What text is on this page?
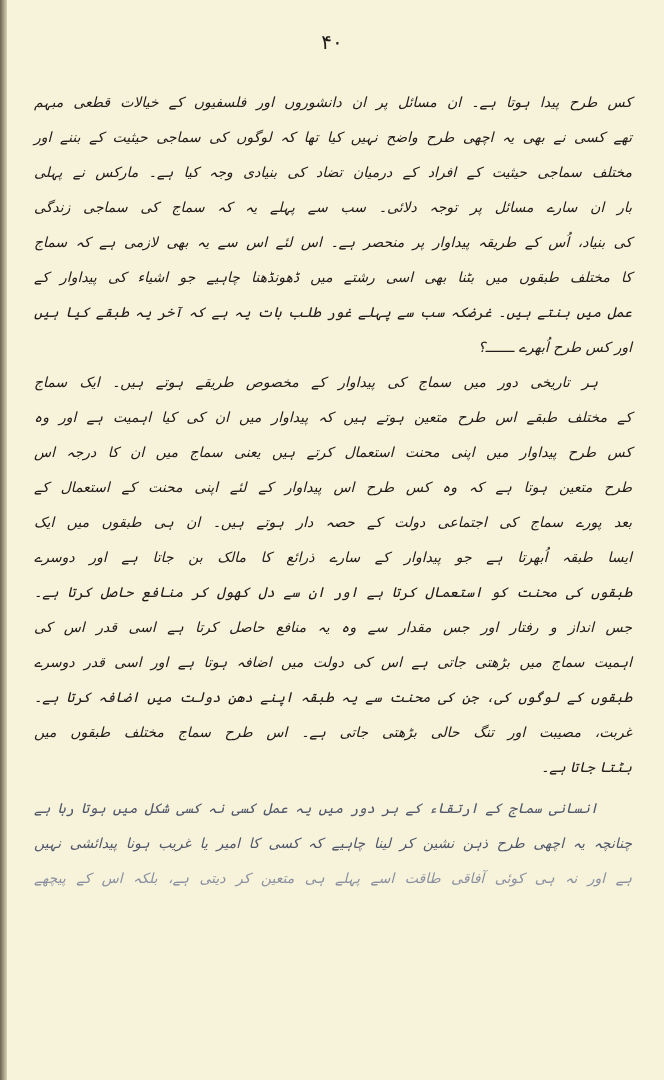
۴۰
کس طرح پیدا ہوتا ہے۔ ان مسائل پر ان دانشوروں اور فلسفیوں کے خیالات قطعی مبہم
تھے کسی نے بھی یہ اچھی طرح واضح نہیں کیا تھا کہ لوگوں کی سماجی حیثیت کے بننے اور
مختلف سماجی حیثیت کے افراد کے درمیان تضاد کی بنیادی وجہ کیا ہے۔ مارکس نے پہلی
بار ان سارے مسائل پر توجہ دلائی۔ سب سے پہلے یہ کہ سماج کی سماجی زندگی
کی بنیاد، اُس کے طریقہ پیداوار پر منحصر ہے۔ اس لئے اس سے یہ بھی لازمی ہے کہ سماج
کا مختلف طبقوں میں بٹنا بھی اسی رشتے میں ڈھونڈھنا چاہیے جو اشیاء کی پیداوار کے
عمل میں بنتے ہیں۔ غرضکہ سب سے پہلے غور طلب بات یہ ہے کہ آخر یہ طبقے کیا ہیں
اور کس طرح اُبھرے ـــــــ؟
ہر تاریخی دور میں سماج کی پیداوار کے مخصوص طریقے ہوتے ہیں۔ ایک سماج
کے مختلف طبقے اس طرح متعین ہوتے ہیں کہ پیداوار میں ان کی کیا اہمیت ہے اور وہ
کس طرح پیداوار میں اپنی محنت استعمال کرتے ہیں یعنی سماج میں ان کا درجہ اس
طرح متعین ہوتا ہے کہ وہ کس طرح اس پیداوار کے لئے اپنی محنت کے استعمال کے
بعد پورے سماج کی اجتماعی دولت کے حصہ دار ہوتے ہیں۔ ان ہی طبقوں میں ایک
ایسا طبقہ اُبھرتا ہے جو پیداوار کے سارے ذرائع کا مالک بن جاتا ہے اور دوسرے
طبقوں کی محنت کو استعمال کرتا ہے اور ان سے دل کھول کر منافع حاصل کرتا ہے۔
جس انداز و رفتار اور جس مقدار سے وہ یہ منافع حاصل کرتا ہے اسی قدر اس کی
اہمیت سماج میں بڑھتی جاتی ہے اس کی دولت میں اضافہ ہوتا ہے اور اسی قدر دوسرے
طبقوں کے لوگوں کی، جن کی محنت سے یہ طبقہ اپنے دھن دولت میں اضافہ کرتا ہے۔
غربت، مصیبت اور تنگ حالی بڑھتی جاتی ہے۔ اس طرح سماج مختلف طبقوں میں
بٹتا جاتا ہے۔
انسانی سماج کے ارتقاء کے ہر دور میں یہ عمل کسی نہ کسی شکل میں ہوتا رہا ہے
چنانچہ یہ اچھی طرح ذہن نشین کر لینا چاہیے کہ کسی کا امیر یا غریب ہونا پیدائشی نہیں
ہے اور نہ ہی کوئی آفاقی طاقت اسے پہلے ہی متعین کر دیتی ہے، بلکہ اس کے پیچھے
